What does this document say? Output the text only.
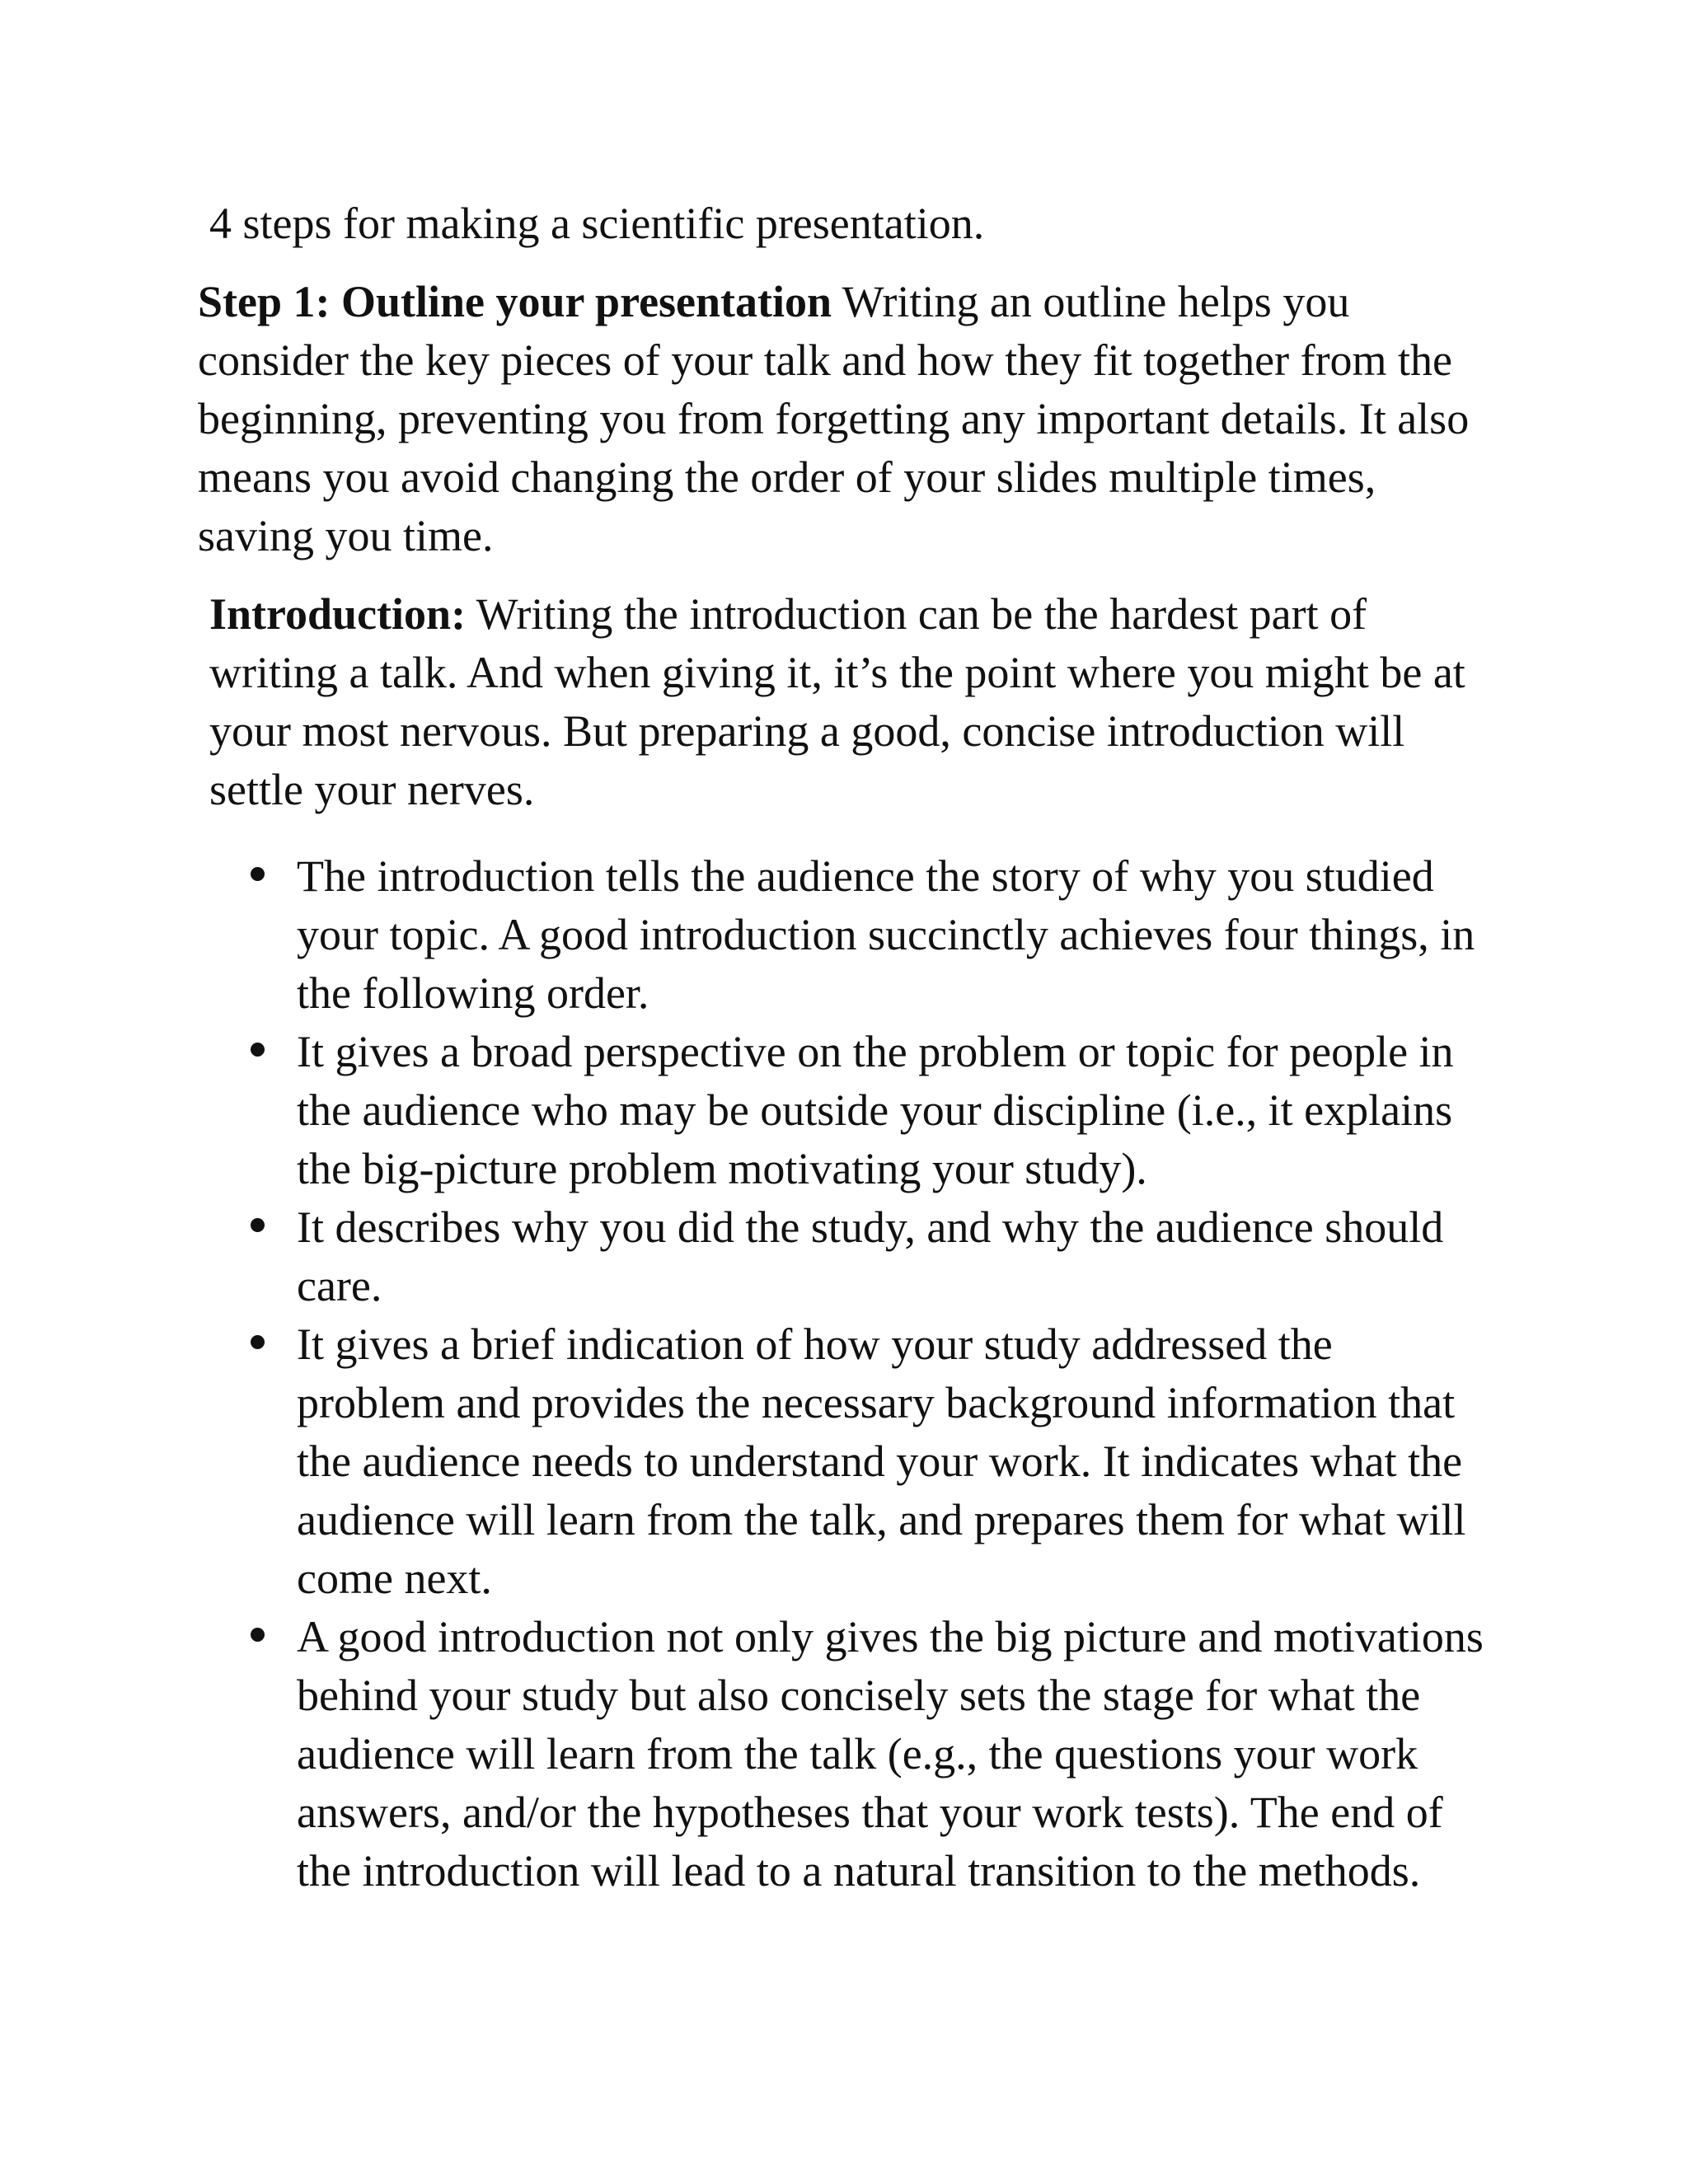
4 steps for making a scientific presentation.

Step 1: Outline your presentation Writing an outline helps you consider the key pieces of your talk and how they fit together from the beginning, preventing you from forgetting any important details. It also means you avoid changing the order of your slides multiple times, saving you time.

Introduction: Writing the introduction can be the hardest part of writing a talk. And when giving it, it’s the point where you might be at your most nervous. But preparing a good, concise introduction will settle your nerves.

The introduction tells the audience the story of why you studied your topic. A good introduction succinctly achieves four things, in the following order.
It gives a broad perspective on the problem or topic for people in the audience who may be outside your discipline (i.e., it explains the big-picture problem motivating your study).
It describes why you did the study, and why the audience should care.
It gives a brief indication of how your study addressed the problem and provides the necessary background information that the audience needs to understand your work. It indicates what the audience will learn from the talk, and prepares them for what will come next.
A good introduction not only gives the big picture and motivations behind your study but also concisely sets the stage for what the audience will learn from the talk (e.g., the questions your work answers, and/or the hypotheses that your work tests). The end of the introduction will lead to a natural transition to the methods.
